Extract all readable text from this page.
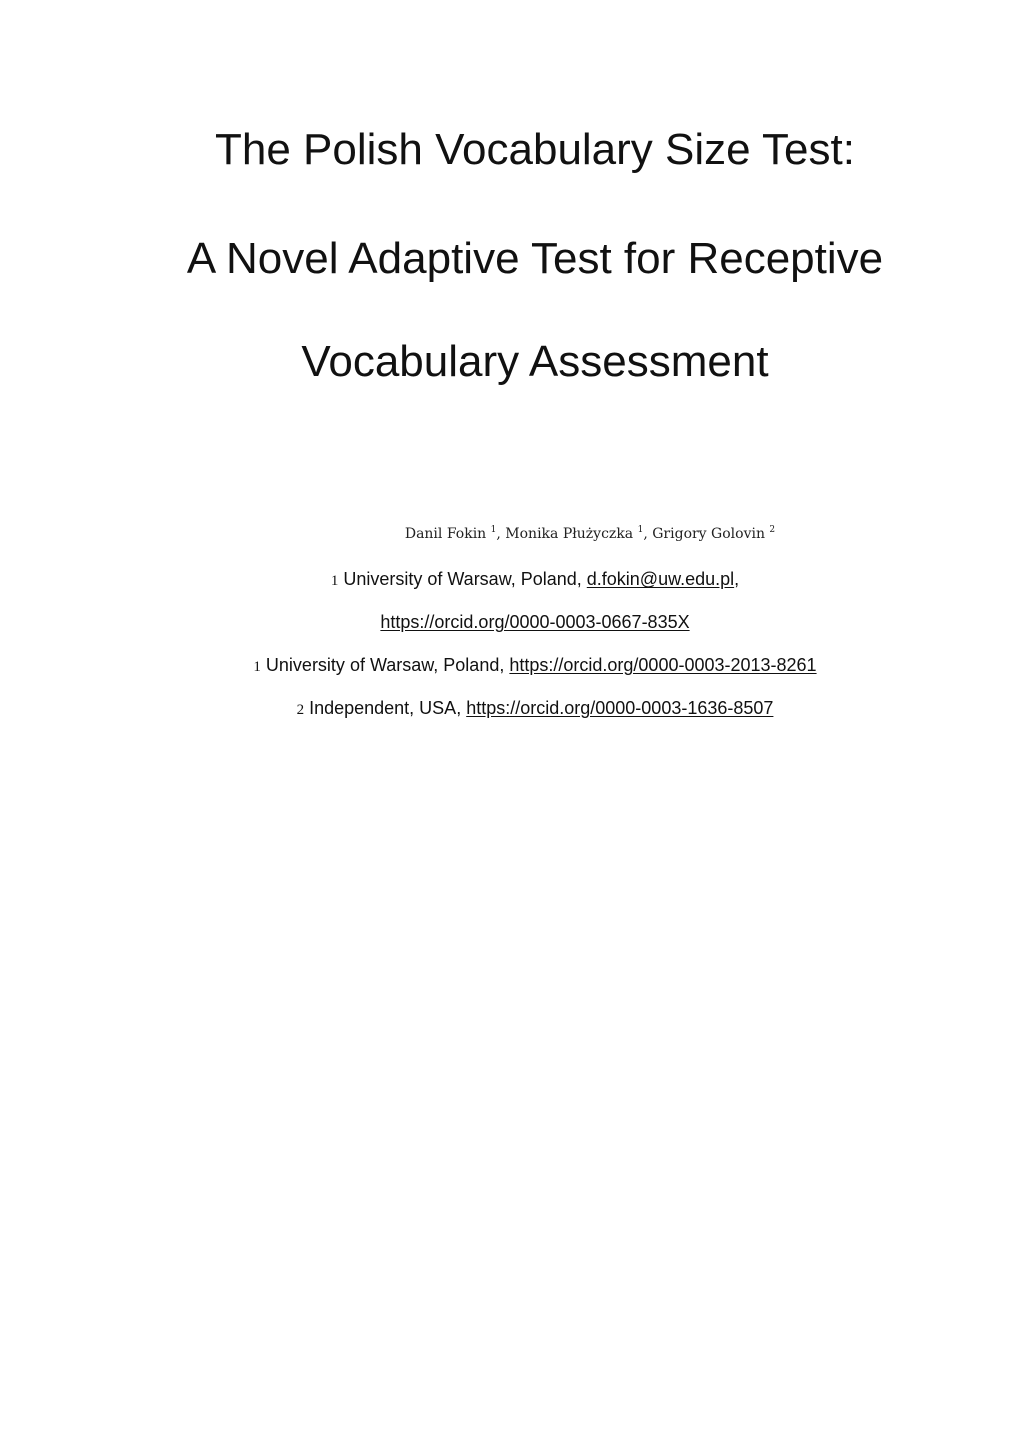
The Polish Vocabulary Size Test:
A Novel Adaptive Test for Receptive
Vocabulary Assessment
Danil Fokin $^1$, Monika Płużyczka $^1$, Grigory Golovin $^2$
1 University of Warsaw, Poland, d.fokin@uw.edu.pl,
https://orcid.org/0000-0003-0667-835X
1 University of Warsaw, Poland, https://orcid.org/0000-0003-2013-8261
2 Independent, USA, https://orcid.org/0000-0003-1636-8507
